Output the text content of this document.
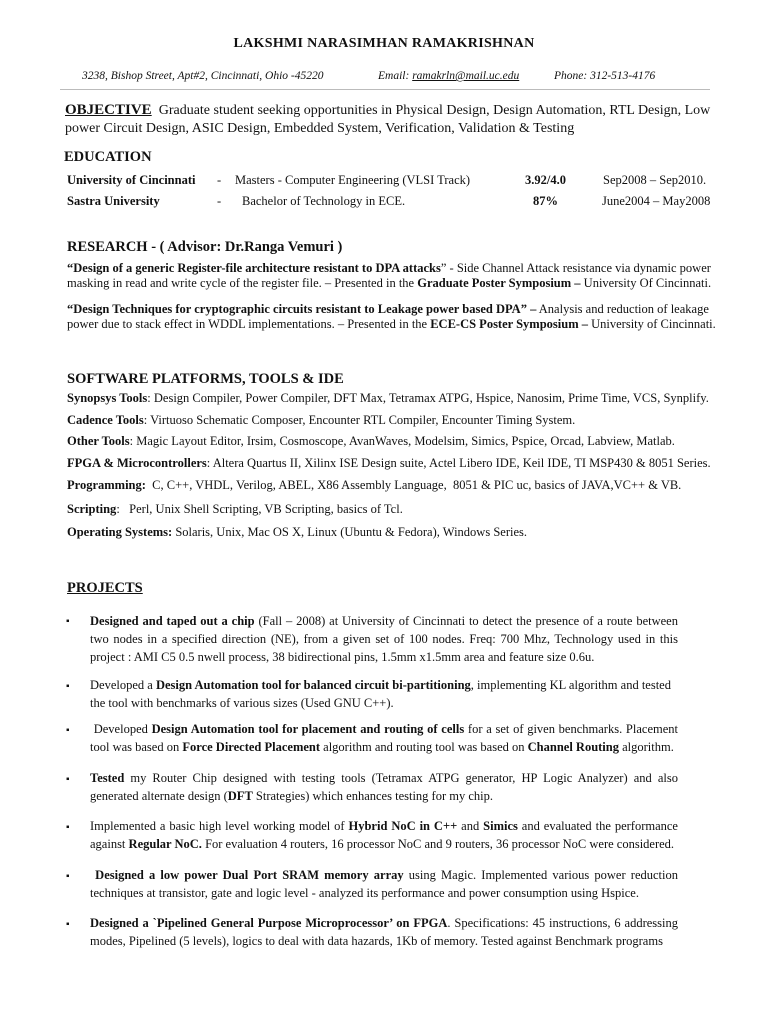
LAKSHMI NARASIMHAN RAMAKRISHNAN
3238, Bishop Street, Apt#2, Cincinnati, Ohio -45220	Email: ramakrln@mail.uc.edu	Phone: 312-513-4176
OBJECTIVE Graduate student seeking opportunities in Physical Design, Design Automation, RTL Design, Low power Circuit Design, ASIC Design, Embedded System, Verification, Validation & Testing
EDUCATION
University of Cincinnati - Masters - Computer Engineering (VLSI Track)	3.92/4.0	Sep2008 – Sep2010.
Sastra University	- Bachelor of Technology in ECE.	87%	June2004 – May2008
RESEARCH - ( Advisor: Dr.Ranga Vemuri )
“Design of a generic Register-file architecture resistant to DPA attacks” - Side Channel Attack resistance via dynamic power masking in read and write cycle of the register file. – Presented in the Graduate Poster Symposium – University Of Cincinnati.
“Design Techniques for cryptographic circuits resistant to Leakage power based DPA” – Analysis and reduction of leakage power due to stack effect in WDDL implementations. – Presented in the ECE-CS Poster Symposium – University of Cincinnati.
SOFTWARE PLATFORMS, TOOLS & IDE
Synopsys Tools: Design Compiler, Power Compiler, DFT Max, Tetramax ATPG, Hspice, Nanosim, Prime Time, VCS, Synplify.
Cadence Tools: Virtuoso Schematic Composer, Encounter RTL Compiler, Encounter Timing System.
Other Tools: Magic Layout Editor, Irsim, Cosmoscope, AvanWaves, Modelsim, Simics, Pspice, Orcad, Labview, Matlab.
FPGA & Microcontrollers: Altera Quartus II, Xilinx ISE Design suite, Actel Libero IDE, Keil IDE, TI MSP430 & 8051 Series.
Programming: C, C++, VHDL, Verilog, ABEL, X86 Assembly Language,  8051 & PIC uc, basics of JAVA,VC++ & VB.
Scripting:   Perl, Unix Shell Scripting, VB Scripting, basics of Tcl.
Operating Systems: Solaris, Unix, Mac OS X, Linux (Ubuntu & Fedora), Windows Series.
PROJECTS
▪ Designed and taped out a chip (Fall – 2008) at University of Cincinnati to detect the presence of a route between two nodes in a specified direction (NE), from a given set of 100 nodes. Freq: 700 Mhz, Technology used in this project : AMI C5 0.5 nwell process, 38 bidirectional pins, 1.5mm x1.5mm area and feature size 0.6u.
▪ Developed a Design Automation tool for balanced circuit bi-partitioning, implementing KL algorithm and tested the tool with benchmarks of various sizes (Used GNU C++).
▪ Developed Design Automation tool for placement and routing of cells for a set of given benchmarks. Placement tool was based on Force Directed Placement algorithm and routing tool was based on Channel Routing algorithm.
▪ Tested my Router Chip designed with testing tools (Tetramax ATPG generator, HP Logic Analyzer) and also generated alternate design (DFT Strategies) which enhances testing for my chip.
▪ Implemented a basic high level working model of Hybrid NoC in C++ and Simics and evaluated the performance against Regular NoC. For evaluation 4 routers, 16 processor NoC and 9 routers, 36 processor NoC were considered.
▪ Designed a low power Dual Port SRAM memory array using Magic. Implemented various power reduction techniques at transistor, gate and logic level - analyzed its performance and power consumption using Hspice.
▪ Designed a `Pipelined General Purpose Microprocessor’ on FPGA. Specifications: 45 instructions, 6 addressing modes, Pipelined (5 levels), logics to deal with data hazards, 1Kb of memory. Tested against Benchmark programs
